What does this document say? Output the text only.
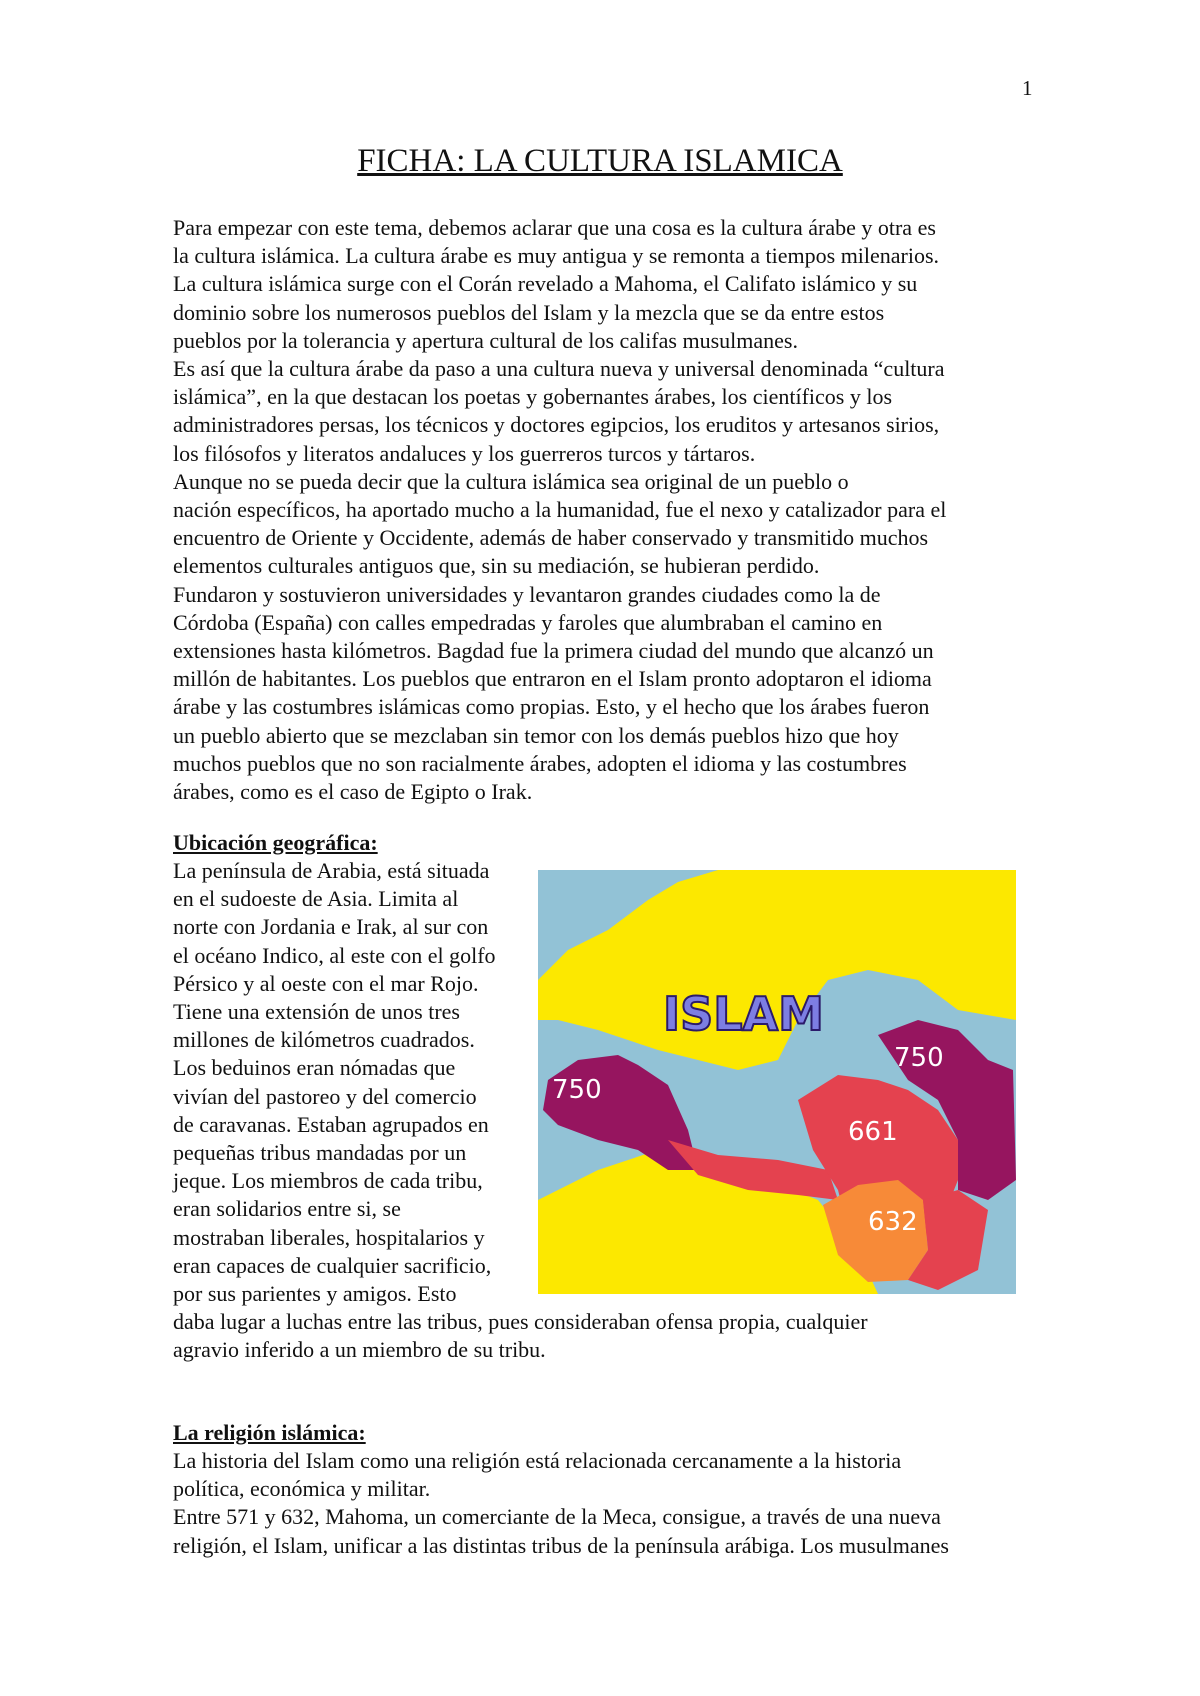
1
FICHA: LA CULTURA ISLAMICA

Para empezar con este tema, debemos aclarar que una cosa es la cultura árabe y otra es

la cultura islámica. La cultura árabe es muy antigua y se remonta a tiempos milenarios.

La cultura islámica surge con el Corán revelado a Mahoma, el Califato islámico y su

dominio sobre los numerosos pueblos del Islam y la mezcla que se da entre estos

pueblos por la tolerancia y apertura cultural de los califas musulmanes.

Es así que la cultura árabe da paso a una cultura nueva y universal denominada “cultura

islámica”, en la que destacan los poetas y gobernantes árabes, los científicos y los

administradores persas, los técnicos y doctores egipcios, los eruditos y artesanos sirios,

los filósofos y literatos andaluces y los guerreros turcos y tártaros.

Aunque no se pueda decir que la cultura islámica sea original de un pueblo o

nación específicos, ha aportado mucho a la humanidad, fue el nexo y catalizador para el

encuentro de Oriente y Occidente, además de haber conservado y transmitido muchos

elementos culturales antiguos que, sin su mediación, se hubieran perdido.

Fundaron y sostuvieron universidades y levantaron grandes ciudades como la de

Córdoba (España) con calles empedradas y faroles que alumbraban el camino en

extensiones hasta kilómetros. Bagdad fue la primera ciudad del mundo que alcanzó un

millón de habitantes. Los pueblos que entraron en el Islam pronto adoptaron el idioma

árabe y las costumbres islámicas como propias. Esto, y el hecho que los árabes fueron

un pueblo abierto que se mezclaban sin temor con los demás pueblos hizo que hoy

muchos pueblos que no son racialmente árabes, adopten el idioma y las costumbres

árabes, como es el caso de Egipto o Irak.

Ubicación geográfica:

La península de Arabia, está situada

en el sudoeste de Asia. Limita al

norte con Jordania e Irak, al sur con

el océano Indico, al este con el golfo

Pérsico y al oeste con el mar Rojo.

Tiene una extensión de unos tres

millones de kilómetros cuadrados.

Los beduinos eran nómadas que

vivían del pastoreo y del comercio

de caravanas. Estaban agrupados en

pequeñas tribus mandadas por un

jeque. Los miembros de cada tribu,

eran solidarios entre si, se

mostraban liberales, hospitalarios y

eran capaces de cualquier sacrificio,

por sus parientes y amigos. Esto

daba lugar a luchas entre las tribus, pues consideraban ofensa propia, cualquier

agravio inferido a un miembro de su tribu.

ISLAM
750
750
661
632
La religión islámica:

La historia del Islam como una religión está relacionada cercanamente a la historia

política, económica y militar.

Entre 571 y 632, Mahoma, un comerciante de la Meca, consigue, a través de una nueva

religión, el Islam, unificar a las distintas tribus de la península arábiga. Los musulmanes
